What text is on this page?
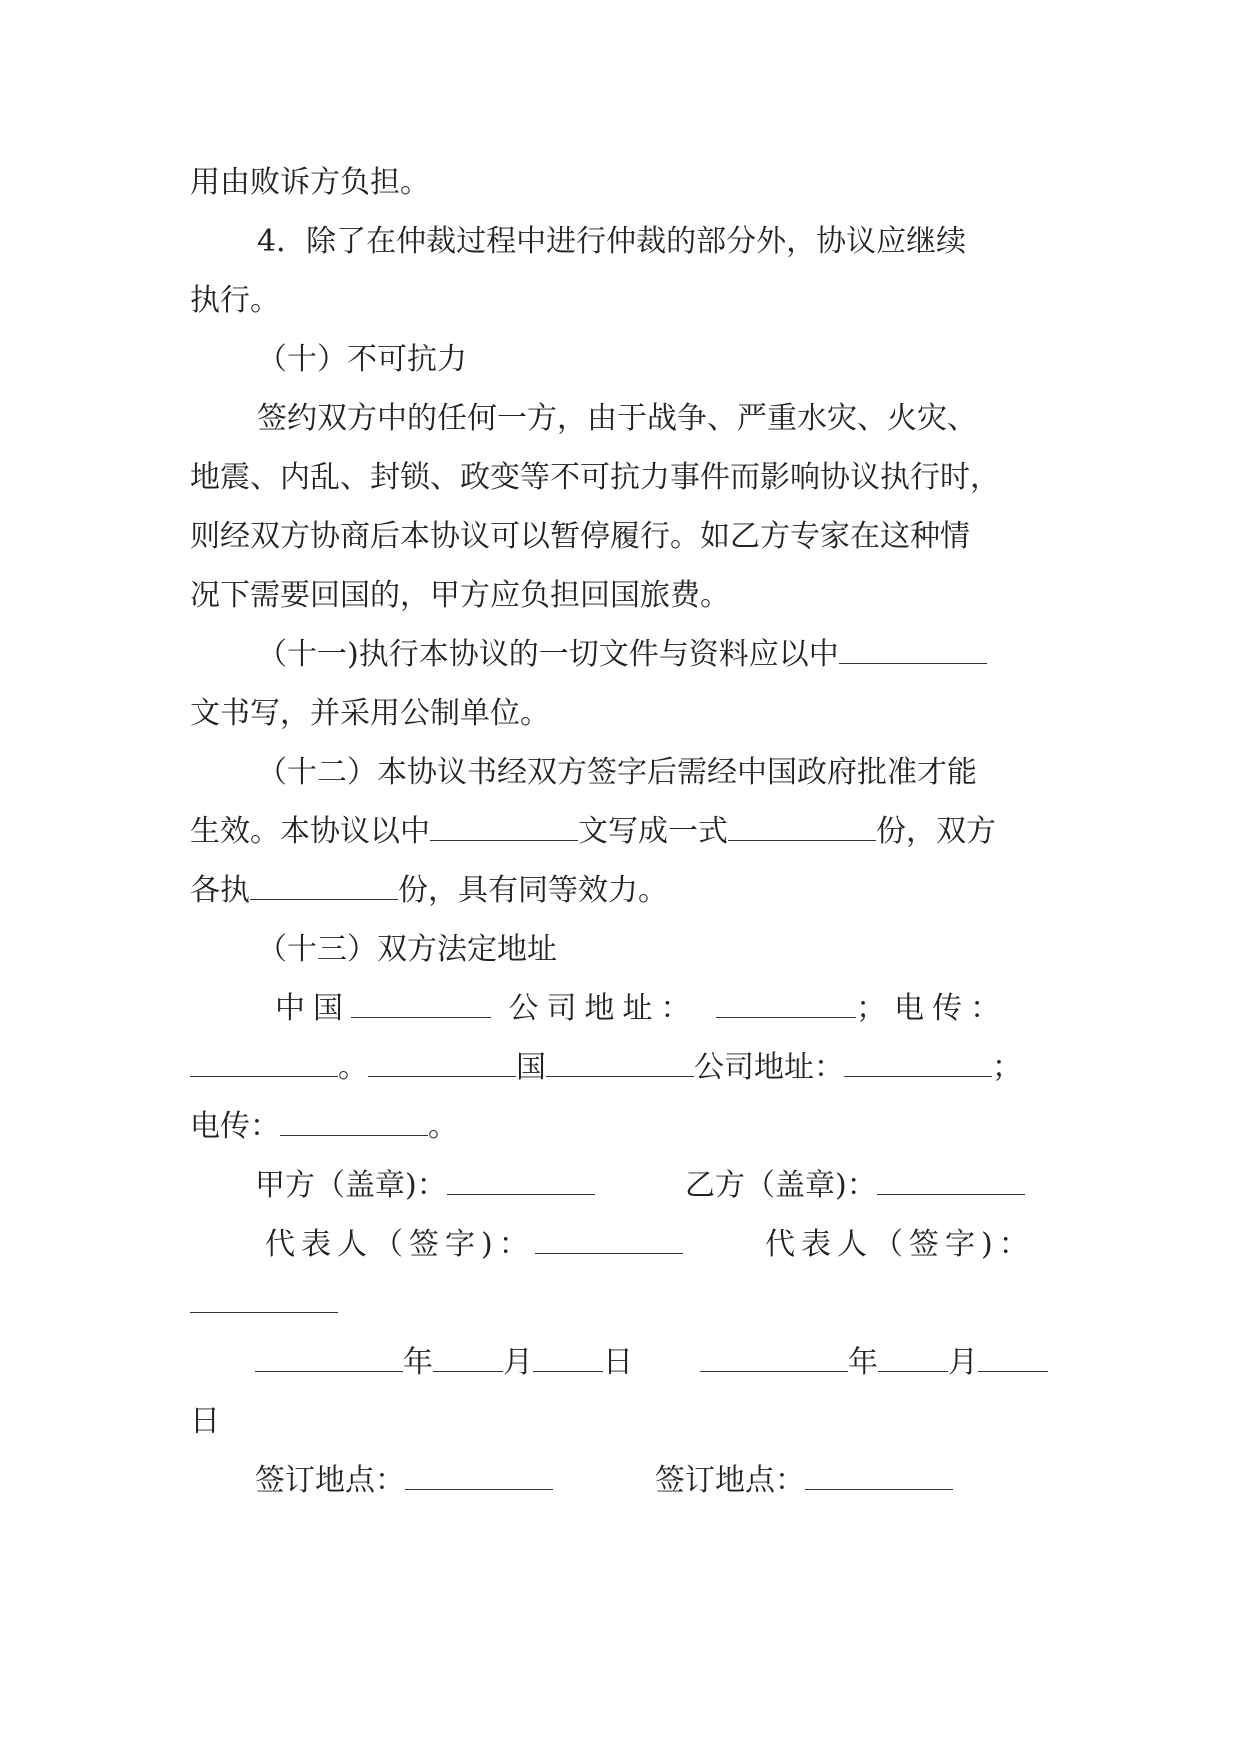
用由败诉方负担。

4．除了在仲裁过程中进行仲裁的部分外，协议应继续

执行。

（十）不可抗力

签约双方中的任何一方，由于战争、严重水灾、火灾、

地震、内乱、封锁、政变等不可抗力事件而影响协议执行时，

则经双方协商后本协议可以暂停履行。如乙方专家在这种情

况下需要回国的，甲方应负担回国旅费。

（十一)执行本协议的一切文件与资料应以中

文书写，并采用公制单位。

（十二）本协议书经双方签字后需经中国政府批准才能

生效。本协议以中	文写成一式	份，双方

各执	份，具有同等效力。

（十三）双方法定地址

中国	公司地址：	；电传：

。	国	公司地址：	；

电传：	。

甲方（盖章)：	乙方（盖章)：

代表人（签字)：	代表人（签字)：

年 月 日	年 月

日

签订地点：	签订地点：
